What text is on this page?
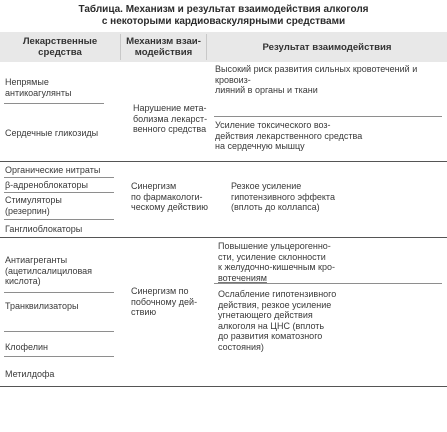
Таблица. Механизм и результат взаимодействия алкоголя
с некоторыми кардиоваскулярными средствами
Лекарственные
средства
Механизм взаи-
модействия	Результат взаимодействия
Непрямые
антикоагулянты
Нарушение мета-
болизма лекарст-
венного средства
Высокий риск развития сильных кровотечений и кровоиз-
лияний в органы и ткани
Сердечные гликозиды
Усиление токсического воз-
действия лекарственного средства
на сердечную мышцу
Органические нитраты
β-адреноблокаторы
Стимуляторы
(резерпин)
Синергизм
по фармакологи-
ческому действию
Резкое усиление
гипотензивного эффекта
(вплоть до коллапса)
Ганглиоблокаторы
Антиагреганты
(ацетилсалициловая
кислота)
Повышение ульцерогенно-
сти, усиление склонности
к желудочно-кишечным кро-
вотечениям
Синергизм по
побочному дей-
ствию
Транквилизаторы
Ослабление гипотензивного
действия, резкое усиление
угнетающего действия
алкоголя на ЦНС (вплоть
до развития коматозного
состояния)
Клофелин
Метилдофа
